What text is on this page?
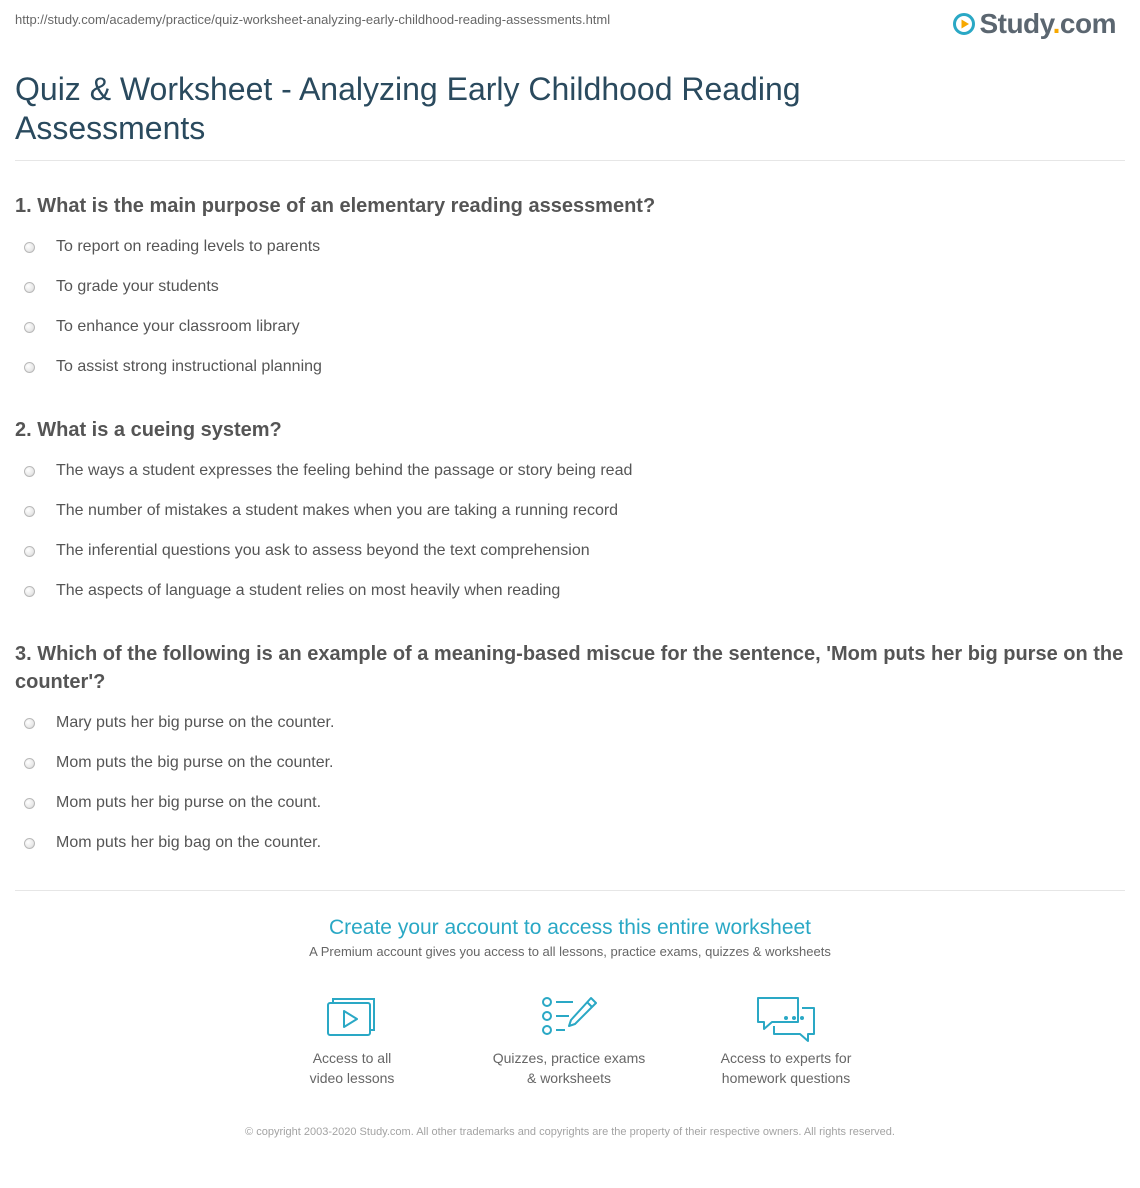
http://study.com/academy/practice/quiz-worksheet-analyzing-early-childhood-reading-assessments.html	Study.com
Quiz & Worksheet - Analyzing Early Childhood Reading Assessments

1. What is the main purpose of an elementary reading assessment?

To report on reading levels to parents
To grade your students
To enhance your classroom library
To assist strong instructional planning

2. What is a cueing system?

The ways a student expresses the feeling behind the passage or story being read
The number of mistakes a student makes when you are taking a running record
The inferential questions you ask to assess beyond the text comprehension
The aspects of language a student relies on most heavily when reading

3. Which of the following is an example of a meaning-based miscue for the sentence, 'Mom puts her big purse on the counter'?

Mary puts her big purse on the counter.
Mom puts the big purse on the counter.
Mom puts her big purse on the count.
Mom puts her big bag on the counter.

Create your account to access this entire worksheet

A Premium account gives you access to all lessons, practice exams, quizzes & worksheets
Access to all
video lessons
Quizzes, practice exams
& worksheets
Access to experts for
homework questions
© copyright 2003-2020 Study.com. All other trademarks and copyrights are the property of their respective owners. All rights reserved.
